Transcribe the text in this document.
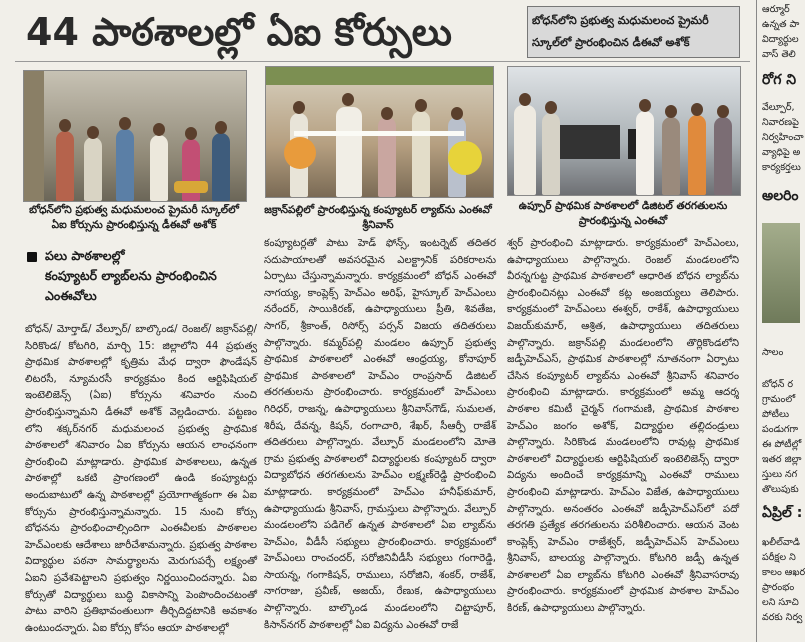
44 పాఠశాలల్లో ఏఐ కోర్సులు	బోధన్‌లోని ప్రభుత్వ మధుమలంచ ప్రైమరీ స్కూల్‌లో ప్రారంభించిన డీఈవో అశోక్
బోధన్‌లోని ప్రభుత్వ మధుమలంచ ప్రైమరీ స్కూల్‌లో ఏఐ కోర్సును ప్రారంభిస్తున్న డీఈవో అశోక్
జక్రాన్‌పల్లిలో ప్రారంభిస్తున్న కంప్యూటర్ ల్యాబ్‌ను ఎంఈవో శ్రీనివాస్
ఉప్పూర్ ప్రాథమిక పాఠశాలలో డిజిటల్ తరగతులను ప్రారంభిస్తున్న ఎంఈవో
పలు పాఠశాలల్లో
కంప్యూటర్ ల్యాబ్‌లను ప్రారంభించిన
ఎంఈవోలు
బోధన్/ మోర్తాడ్/ వేల్పూర్/ బాల్కొండ/ రెంజల్/ జక్రాన్‌పల్లి/ సిరికొండ/ కోటగిరి, మార్చి 15: జిల్లాలోని 44 ప్రభుత్వ ప్రాథమిక పాఠశాలల్లో కృత్రిమ మేధ ద్వారా ఫౌండేషన్ లిటరసీ, న్యూమరసీ కార్యక్రమం కింద ఆర్టిఫిషియల్ ఇంటెలిజెన్స్ (ఏఐ) కోర్సును శనివారం నుంచి ప్రారంభిస్తున్నామని డీఈవో అశోక్ వెల్లడించారు. పట్టణం లోని శక్కర్‌నగర్ మధుమలంచ ప్రభుత్వ ప్రాథమిక పాఠశాలలో శనివారం ఏఐ కోర్సును ఆయన లాంఛనంగా ప్రారంభించి మాట్లాడారు. ప్రాథమిక పాఠశాలలు, ఉన్నత పాఠశాల్లో ఒకటి ప్రాంగణంలో ఉండి కంప్యూటర్లు అందుబాటులో ఉన్న పాఠశాలల్లో ప్రయోగాత్మకంగా ఈ ఏఐ కోర్సును ప్రారంభిస్తున్నామన్నారు. 15 నుంచి కోర్సు బోధనను ప్రారంభించాల్సిందిగా ఎంఈవీలకు పాఠశాలల హెచ్‌ఎంలకు ఆదేశాలు జారీచేశామన్నారు. ప్రభుత్వ పాఠశాల విద్యార్థుల పఠనా సామర్థ్యాలను మెరుగుపర్చే లక్ష్యంతో ఏఐని ప్రవేశపెట్టాలని ప్రభుత్వం నిర్ణయించిందన్నారు. ఏఐ కోర్సుతో విద్యార్థులు బుద్ధి వికాసాన్ని పెంపొందించటంతో పాటు వారిని ప్రతిభావంతులుగా తీర్చిదిద్దటానికి అవకాశం ఉంటుందన్నారు. ఏఐ కోర్సు కోసం ఆయా పాఠశాలల్లో
కంప్యూటర్లతో పాటు హెడ్ ఫోన్స్, ఇంటర్నెట్ తదితర సదుపాయాలతో అవసరమైన ఎలక్ట్రానిక్ పరికరాలను ఏర్పాటు చేస్తున్నామన్నారు. కార్యక్రమంలో బోధన్ ఎంఈవో నాగయ్య, కాంప్లెక్స్ హెచ్‌ఎం అరిఫ్, హైస్కూల్ హెచ్‌ఎంలు నరేందర్, సాయికిరణ్, ఉపాధ్యాయులు ప్రీతి, శివతేజ, సాగర్, శ్రీకాంత్, రిసోర్స్ పర్సన్ విజయ తదితరులు పాల్గొన్నారు. కమ్మర్‌పల్లి మండలం ఉప్పూర్ ప్రభుత్వ ప్రాథమిక పాఠశాలలో ఎంఈవో ఆంధ్రయ్య, కోనాపూర్ ప్రాథమిక పాఠశాలలో హెచ్‌ఎం రాంప్రసాద్ డిజిటల్ తరగతులను ప్రారంభించారు. కార్యక్రమంలో హెచ్‌ఎంలు గిరిధర్, రాజన్న, ఉపాధ్యాయులు శ్రీనివాస్‌గౌడ్, సుమలత, శిరీష, దేవన్న, కిషన్, రంగాచారి, శేఖర్, సీఆర్పీ రాజేశ్ తదితరులు పాల్గొన్నారు. వేల్పూర్ మండలంలోని మోతె గ్రామ ప్రభుత్వ పాఠశాలలో విద్యార్థులకు కంప్యూటర్ ద్వారా విద్యాబోధన తరగతులను హెచ్‌ఎం లక్ష్మణ్‌రెడ్డి ప్రారంభించి మాట్లాడారు. కార్యక్రమంలో హెచ్‌ఎం హనీఫ్‌కుమార్, ఉపాధ్యాయుడు శ్రీనివాస్, గ్రామస్తులు పాల్గొన్నారు. వేల్పూర్ మండలంలోని పడిగెల్ ఉన్నత పాఠశాలలో ఏఐ ల్యాబ్‌ను హెచ్‌ఎం, వీడీసీ సభ్యులు ప్రారంభించారు. కార్యక్రమంలో హెచ్‌ఎంలు రాంచందర్, సరోజినివీడీసీ సభ్యులు గంగారెడ్డి, సాయన్న, గంగాకిషన్, రాములు, సరోజిని, శంకర్, రాజేశ్, నాగరాజు, ప్రవీణ్, అజయ్, రేణుక, ఉపాధ్యాయులు పాల్గొన్నారు. బాల్కొండ మండలంలోని చిట్టాపూర్, కిసాన్‌నగర్ పాఠశాలల్లో ఏఐ విద్యను ఎంఈవో రాజే
శ్వర్ ప్రారంభించి మాట్లాడారు. కార్యక్రమంలో హెచ్‌ఎంలు, ఉపాధ్యాయులు పాల్గొన్నారు. రెంజల్ మండలంలోని వీరన్నగుట్ట ప్రాథమిక పాఠశాలలో ఆధారిత బోధన ల్యాబ్‌ను ప్రారంభించినట్లు ఎంఈవో కట్ల అంజయ్యలు తెలిపారు. కార్యక్రమంలో హెచ్‌ఎంలు ఈశ్వర్, రాకేశ్, ఉపాధ్యాయులు విజయ్‌కుమార్, ఆశ్రిత, ఉపాధ్యాయులు తదితరులు పాల్గొన్నారు. జక్రాన్‌పల్లి మండలంలోని తొర్లికొండలోని జడ్పీహెచ్‌ఎస్, ప్రాథమిక పాఠశాలల్లో నూతనంగా ఏర్పాటు చేసిన కంప్యూటర్ ల్యాబ్‌ను ఎంఈవో శ్రీనివాస్ శనివారం ప్రారంభించి మాట్లాడారు. కార్యక్రమంలో అమ్మ ఆదర్శ పాఠశాల కమిటీ చైర్మన్ గంగామణి, ప్రాథమిక పాఠశాల హెచ్‌ఎం జంగం అశోక్, విద్యార్థుల తల్లిదండ్రులు పాల్గొన్నారు. సిరికొండ మండలంలోని రావుట్ల ప్రాథమిక పాఠశాలలో విద్యార్థులకు ఆర్టిఫిషియల్ ఇంటెలిజెన్స్ ద్వారా విద్యను అందించే కార్యక్రమాన్ని ఎంఈవో రాములు ప్రారంభించి మాట్లాడారు. హెచ్‌ఎం విజేత, ఉపాధ్యాయులు పాల్గొన్నారు. అనంతరం ఎంఈవో జడ్పీహెచ్‌ఎస్‌లో పదో తరగతి ప్రత్యేక తరగతులను పరిశీలించారు. ఆయన వెంట కాంప్లెక్స్ హెచ్‌ఎం రాజేశ్వర్, జడ్పీహెచ్‌ఎస్ హెచ్‌ఎంలు శ్రీనివాస్, బాలయ్య పాల్గొన్నారు. కోటగిరి జడ్పీ ఉన్నత పాఠశాలలో ఏఐ ల్యాబ్‌ను కోటగిరి ఎంఈవో శ్రీనివాసరావు ప్రారంభించారు. కార్యక్రమంలో ప్రాథమిక పాఠశాల హెచ్‌ఎం కిరణ్, ఉపాధ్యాయులు పాల్గొన్నారు.
ఆర్మూర్‌
ఉన్నత పా
విద్యార్థుల
వాస్ తెలి
రోగ ని
వేల్పూర్,
నివారణపై
నిర్వహించా
వ్యాధిపై అ
కార్యకర్తలు
అలరిం
సాలం
బోధన్ ర
గ్రామంలో
పోటీలు
పండుగగా
ఈ పోటీల్లో
ఇతర జిల్లా
స్తులు నగ
తొలుపుకు
ఏప్రిల్ :
ఖలీల్‌వాడి
పరీక్షల ని
కాలం ఆఖర
ప్రారంభం
లని సూచి
వరకు నిర్వ
